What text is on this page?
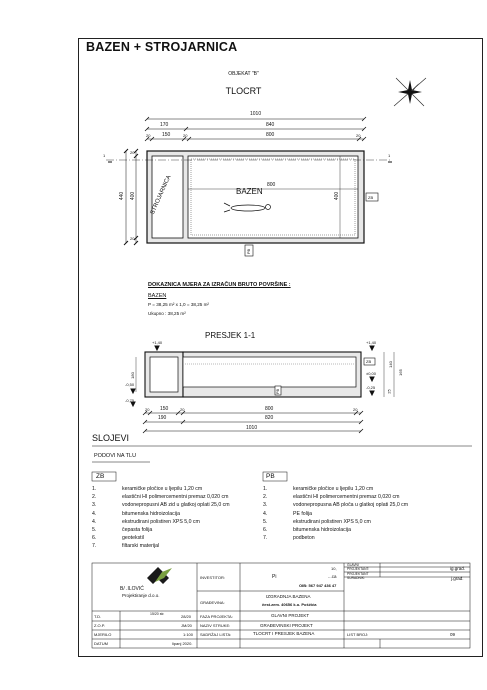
BAZEN + STROJARNICA
OBJEKAT "B"
TLOCRT
1010
170	840
20 150	20	800	20
440 400
20
20
800
400
BAZEN
STROJARNICA
1	1
ZB
PB
DOKAZNICA MJERA ZA IZRAČUN BRUTO POVRŠINE :
BAZEN
P = 38,25 m² x 1,0 = 38,25 m²
Ukupno : 38,25 m²
PRESJEK 1-1
+1,40
-0,50
-0,75
+1,40
±0,00
-0,25
180
140
165
25
ZB
PB
20 150	20	800	20
190	820
1010
SLOJEVI
PODOVI NA TLU
ZB	PB
1.	keramičke pločice u ljepilu 1,20 cm
2.	elastični HI polimercementni premaz 0,020 cm
3.	vodonepropusni AB zid u glatkoj oplati 25,0 cm
4.	bitumenska hidroizolacija
4.	ekstrudirani polistiren XPS 5,0 cm
5.	čepasta folija
6.	geotekstil
7.	filtarski materijal
1.	keramičke pločice u ljepilu 1,20 cm
2.	elastični HI polimercementni premaz 0,020 cm
3.	vodonepropusna AB ploča u glatkoj oplati 25,0 cm
4.	PE folija
5.	ekstrudirani polistiren XPS 5,0 cm
6.	bitumenska hidroizolacija
7.	podbeton
B/ .ILOVIĆ
Projektiranje d.o.o.
15/20 str.
INVESTITOR:	Pi
10,
...ca
OIB: 567 947 436 47
GRAĐEVINA:
IZGRADNJA BAZENA
čest.zem. 40656 k.o. Poščića
FAZA PROJEKTA:	GLAVNI PROJEKT
NAZIV STRUKE:	GRAĐEVINSKI PROJEKT
SADRŽAJ LISTA:	TLOCRT I PRESJEK BAZENA	LIST BROJ:	09
GLAVNI PROJEKTANT:	ig.građ.
PROJEKTANT SURADNIK:	j.građ.
T.D.	28/20
Z.O.P.	JM/20
MJERILO	1:100
DATUM	lipanj 2020.
